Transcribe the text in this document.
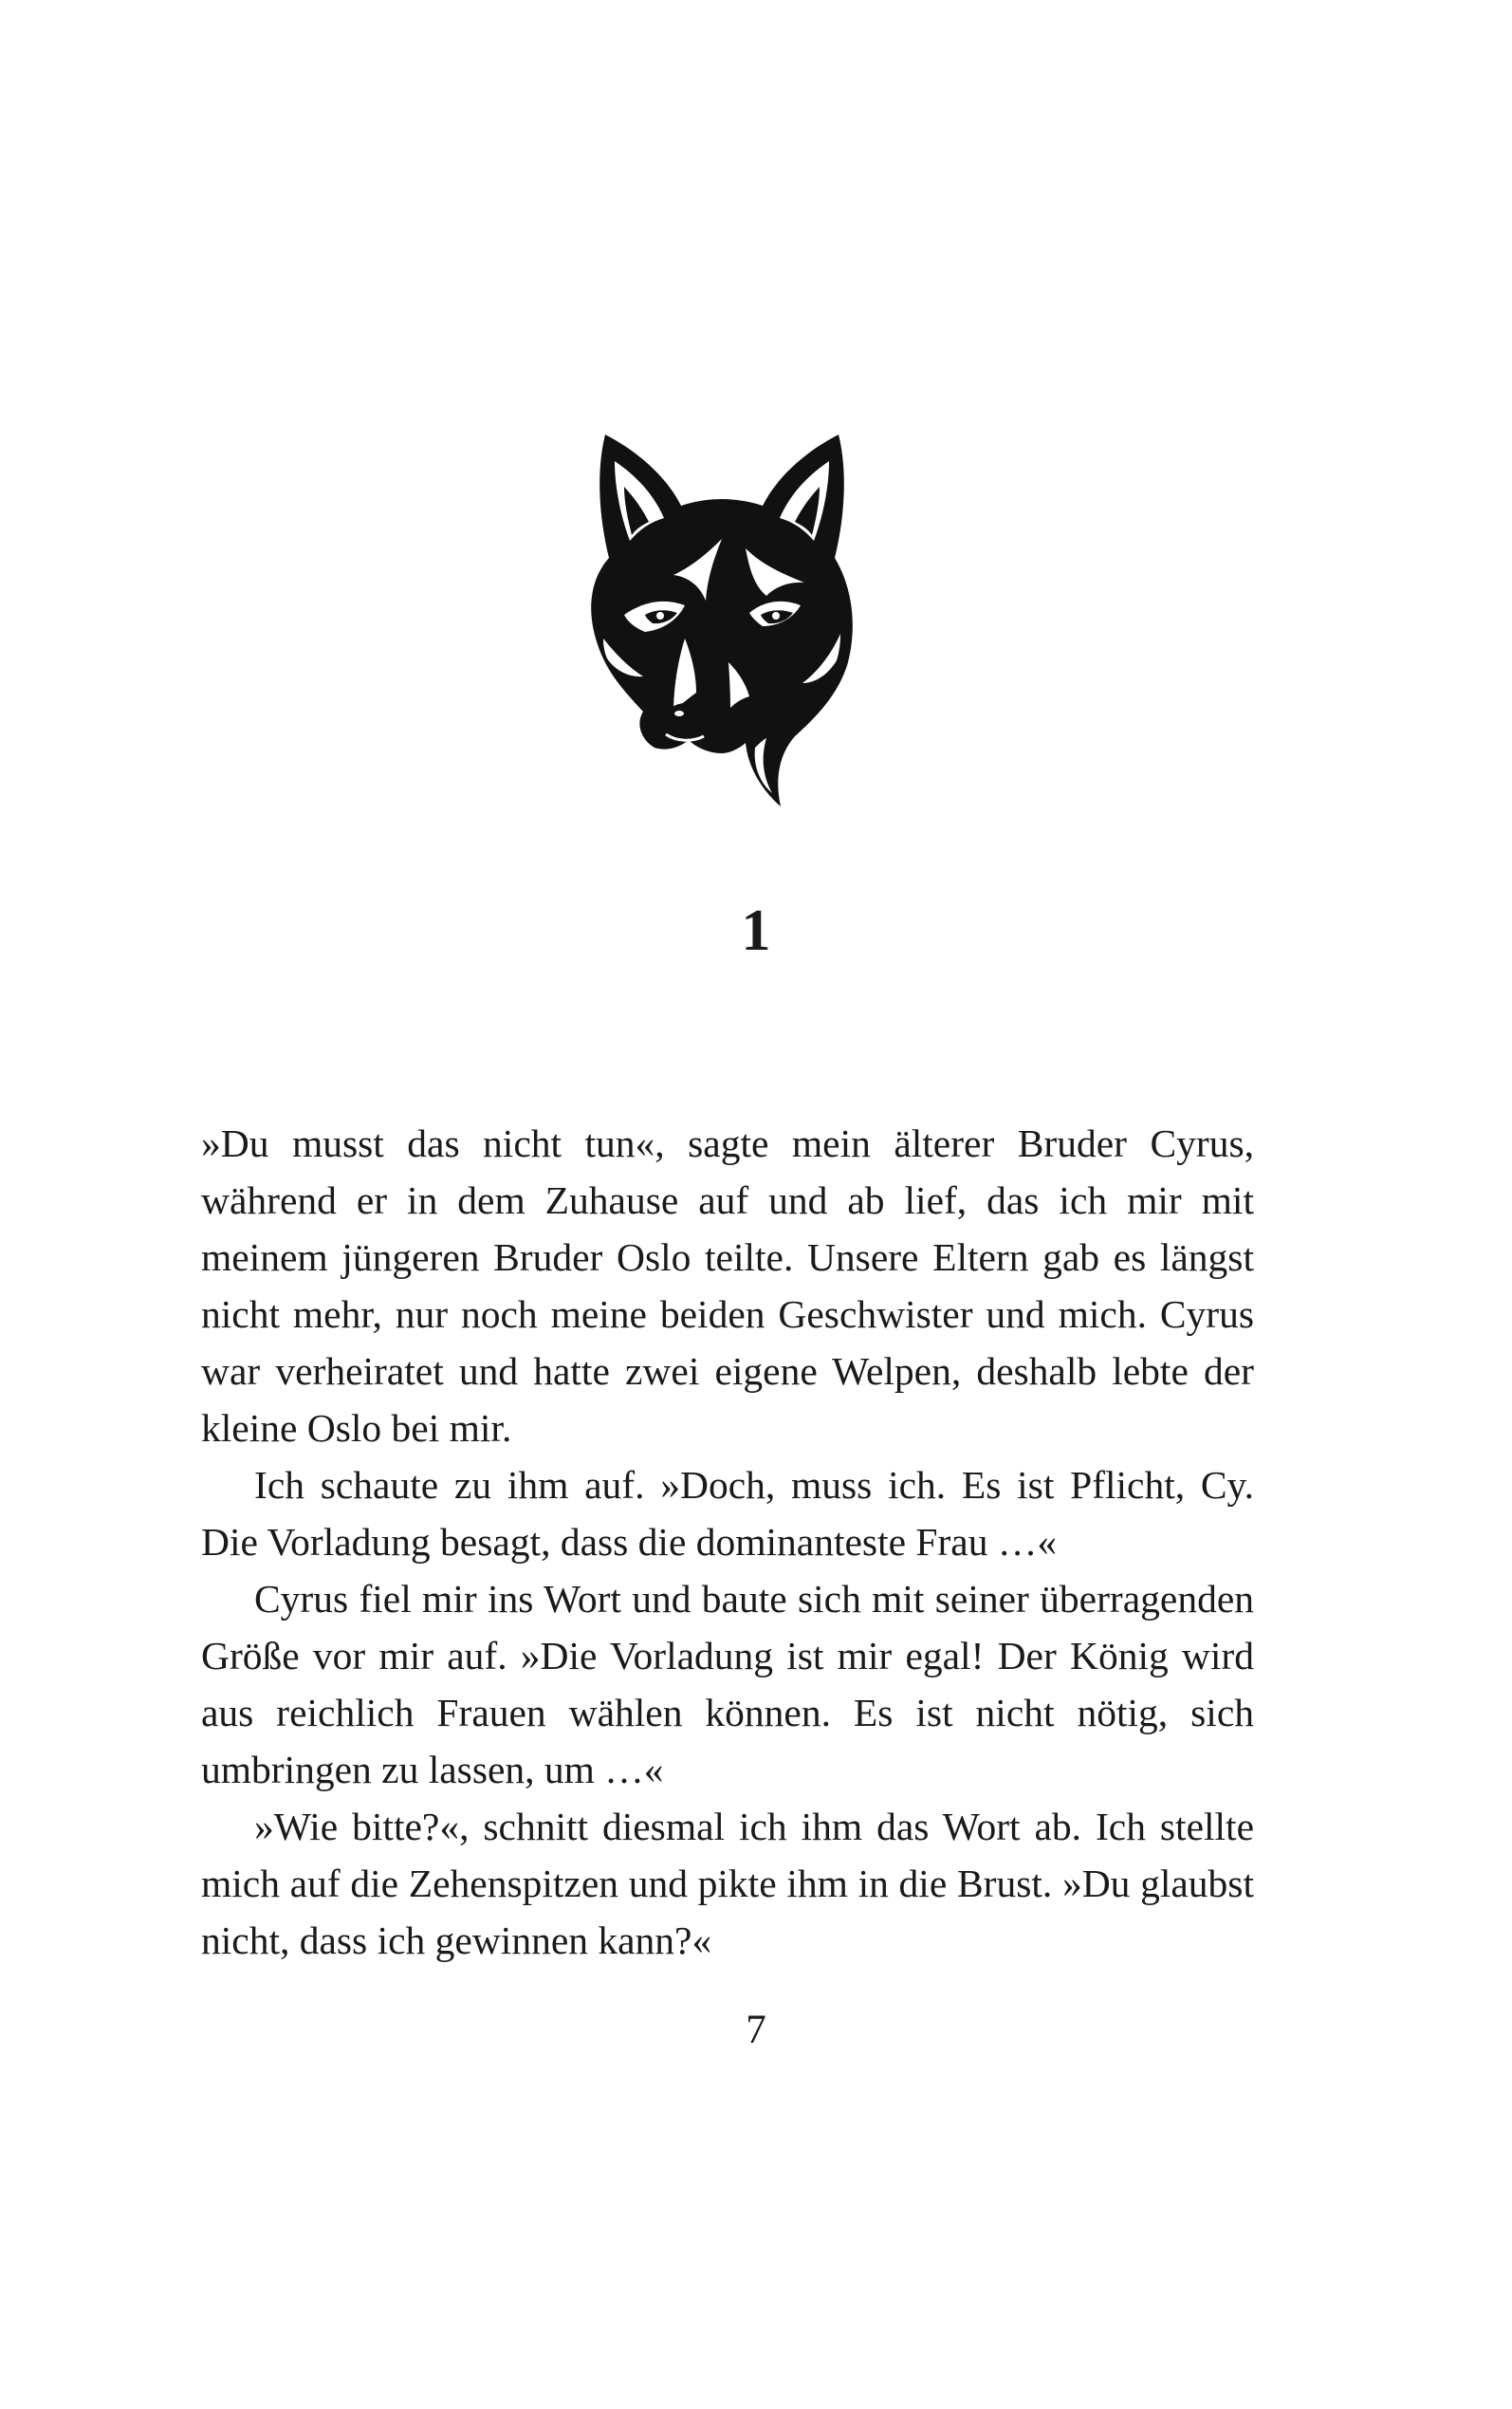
1

»Du musst das nicht tun«, sagte mein älterer Bruder Cyrus, während er in dem Zuhause auf und ab lief, das ich mir mit meinem jüngeren Bruder Oslo teilte. Unsere Eltern gab es längst nicht mehr, nur noch meine beiden Geschwister und mich. Cyrus war verheiratet und hatte zwei eigene Welpen, deshalb lebte der kleine Oslo bei mir.

Ich schaute zu ihm auf. »Doch, muss ich. Es ist Pflicht, Cy. Die Vorladung besagt, dass die dominanteste Frau …«

Cyrus fiel mir ins Wort und baute sich mit seiner überragenden Größe vor mir auf. »Die Vorladung ist mir egal! Der König wird aus reichlich Frauen wählen können. Es ist nicht nötig, sich umbringen zu lassen, um …«

»Wie bitte?«, schnitt diesmal ich ihm das Wort ab. Ich stellte mich auf die Zehenspitzen und pikte ihm in die Brust. »Du glaubst nicht, dass ich gewinnen kann?«

7
